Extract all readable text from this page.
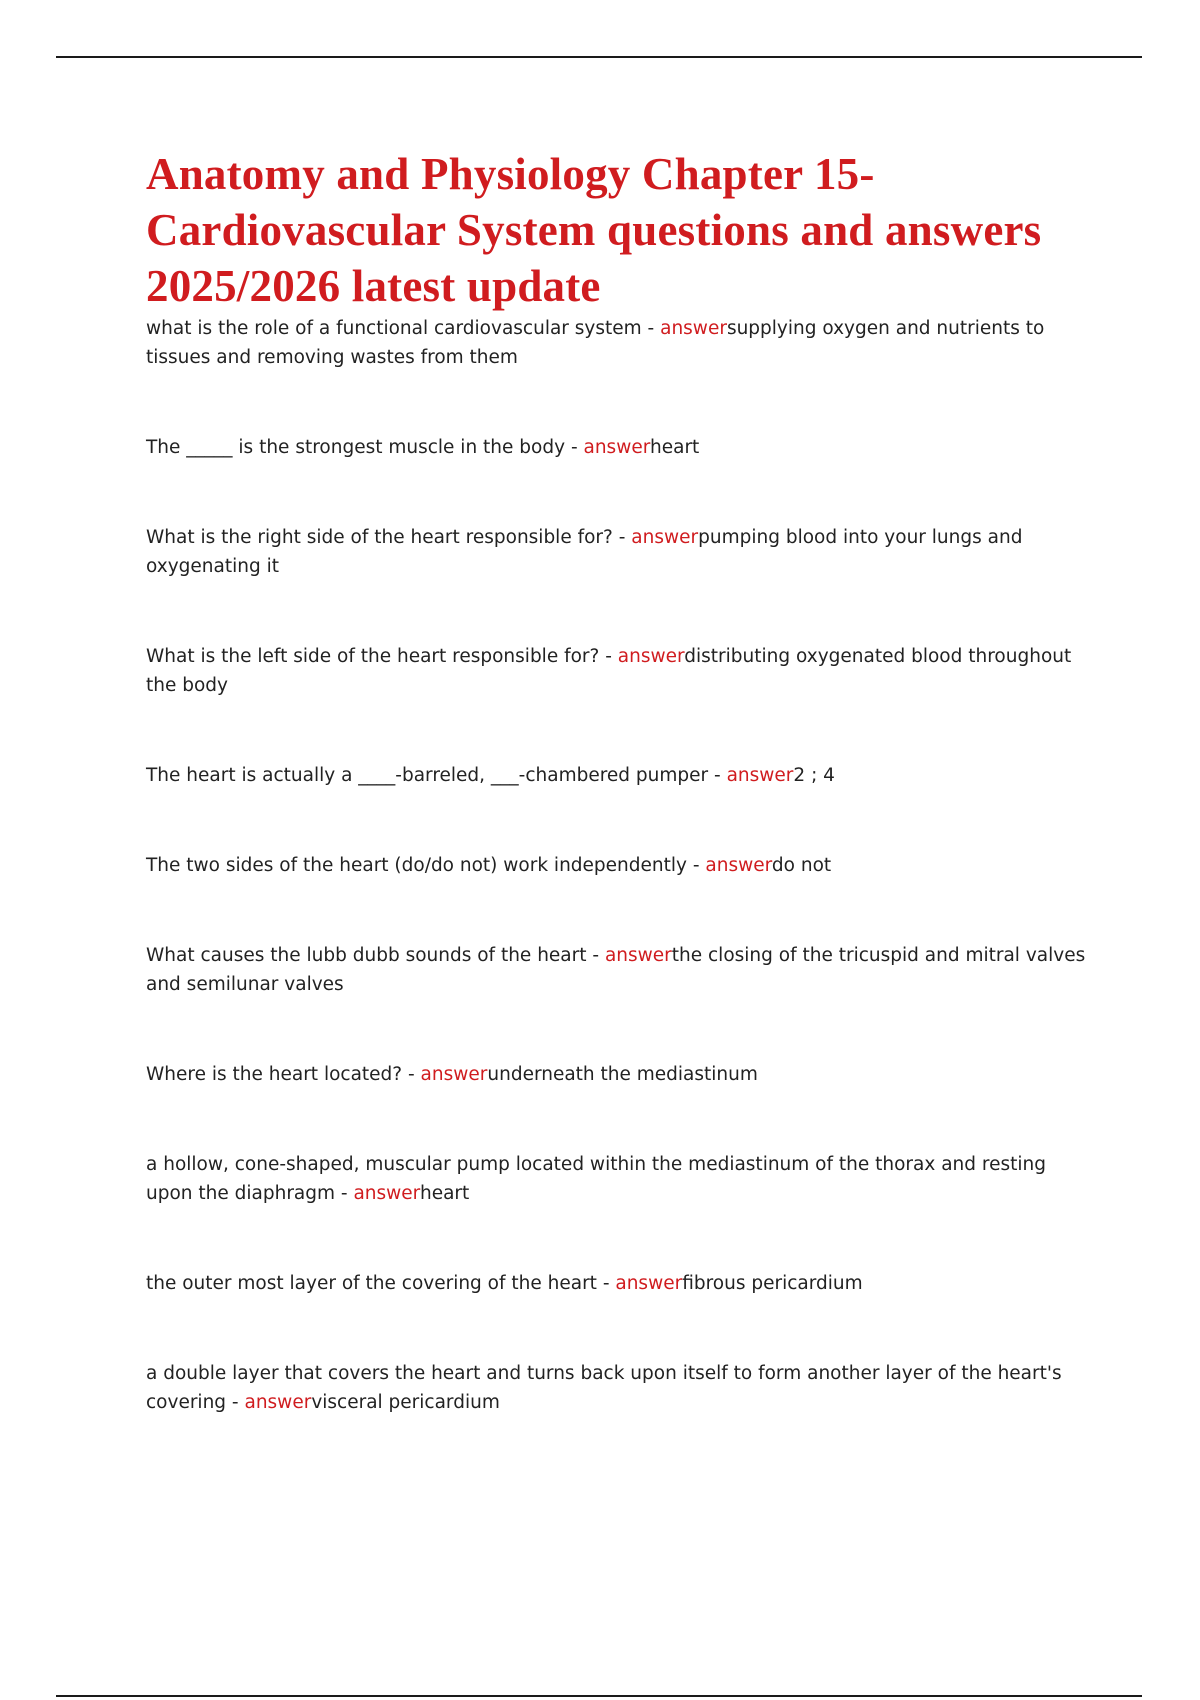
Anatomy and Physiology Chapter 15- Cardiovascular System questions and answers 2025/2026 latest update

what is the role of a functional cardiovascular system - answersupplying oxygen and nutrients to tissues and removing wastes from them

The _____ is the strongest muscle in the body - answerheart

What is the right side of the heart responsible for? - answerpumping blood into your lungs and oxygenating it

What is the left side of the heart responsible for? - answerdistributing oxygenated blood throughout the body

The heart is actually a ____-barreled, ___-chambered pumper - answer2 ; 4

The two sides of the heart (do/do not) work independently - answerdo not

What causes the lubb dubb sounds of the heart - answerthe closing of the tricuspid and mitral valves and semilunar valves

Where is the heart located? - answerunderneath the mediastinum

a hollow, cone-shaped, muscular pump located within the mediastinum of the thorax and resting upon the diaphragm - answerheart

the outer most layer of the covering of the heart - answerfibrous pericardium

a double layer that covers the heart and turns back upon itself to form another layer of the heart's covering - answervisceral pericardium
